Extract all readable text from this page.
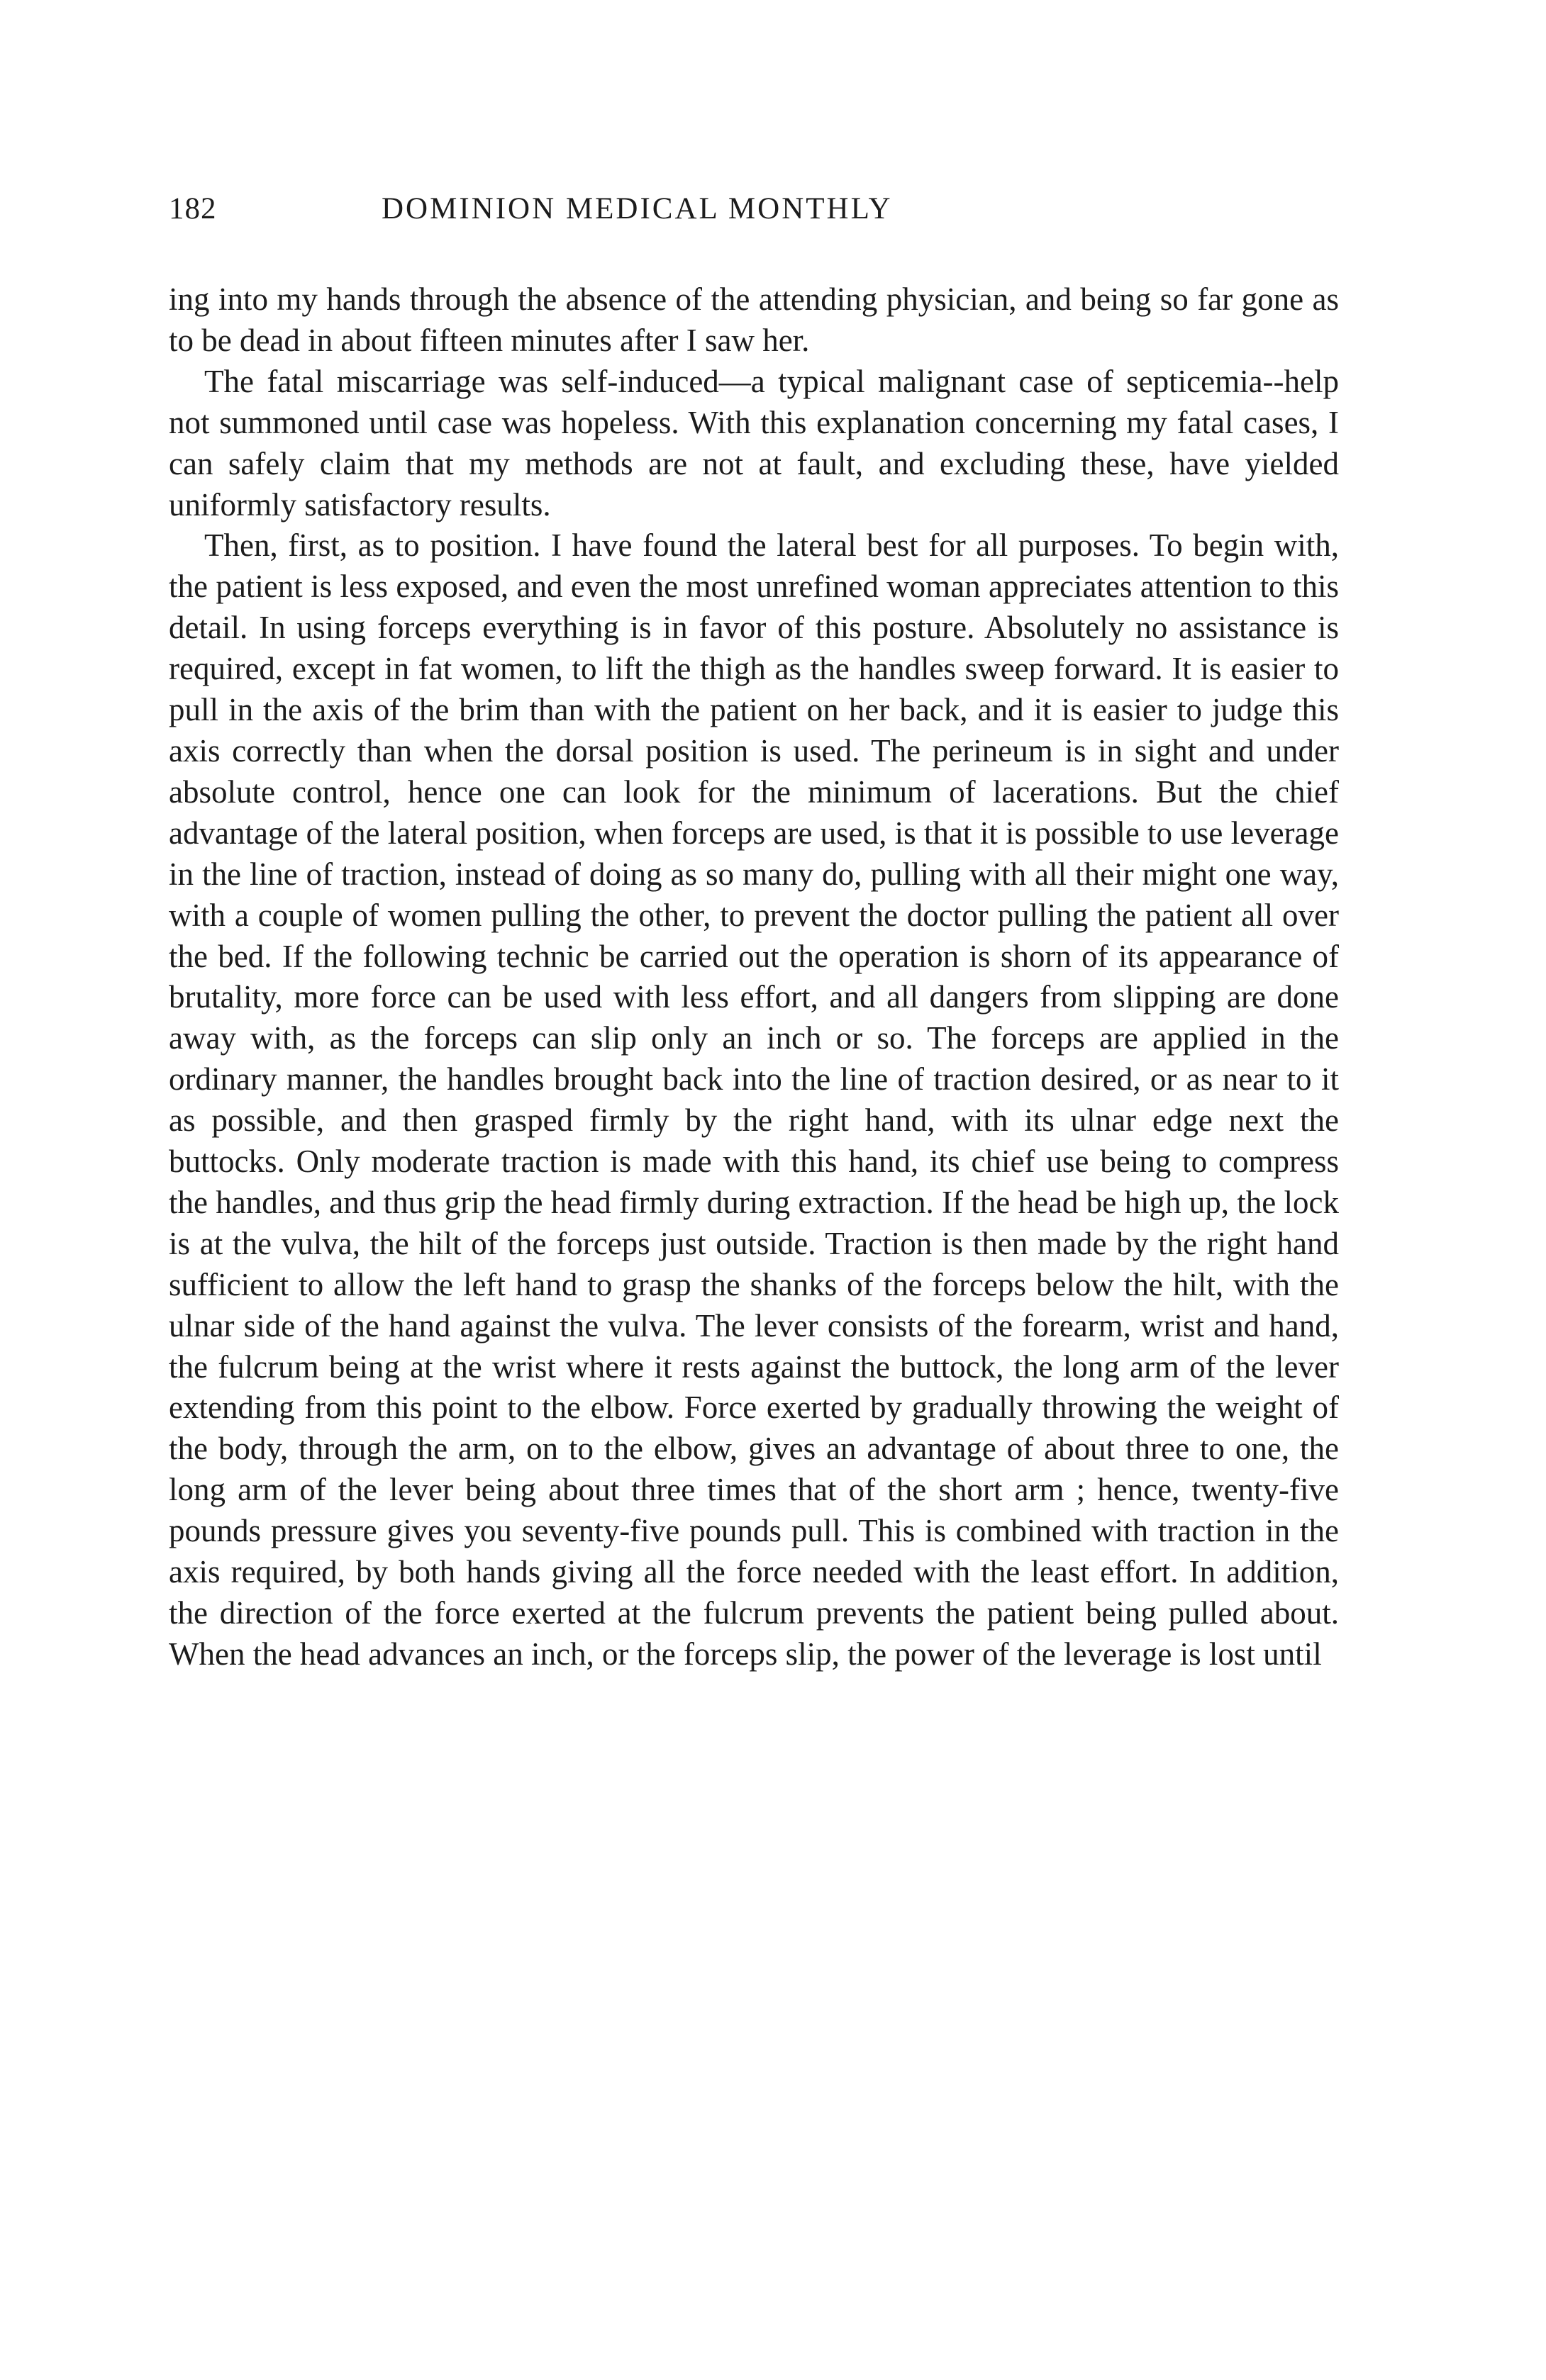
182	DOMINION MEDICAL MONTHLY

ing into my hands through the absence of the attending physician, and being so far gone as to be dead in about fifteen minutes after I saw her.

The fatal miscarriage was self-induced—a typical malignant case of septicemia--help not summoned until case was hopeless. With this explanation concerning my fatal cases, I can safely claim that my methods are not at fault, and excluding these, have yielded uniformly satisfactory results.

Then, first, as to position. I have found the lateral best for all purposes. To begin with, the patient is less exposed, and even the most unrefined woman appreciates attention to this detail. In using forceps everything is in favor of this posture. Absolutely no assistance is required, except in fat women, to lift the thigh as the handles sweep forward. It is easier to pull in the axis of the brim than with the patient on her back, and it is easier to judge this axis correctly than when the dorsal position is used. The perineum is in sight and under absolute control, hence one can look for the minimum of lacerations. But the chief advantage of the lateral position, when forceps are used, is that it is possible to use leverage in the line of traction, instead of doing as so many do, pulling with all their might one way, with a couple of women pulling the other, to prevent the doctor pulling the patient all over the bed. If the following technic be carried out the operation is shorn of its appearance of brutality, more force can be used with less effort, and all dangers from slipping are done away with, as the forceps can slip only an inch or so. The forceps are applied in the ordinary manner, the handles brought back into the line of traction desired, or as near to it as possible, and then grasped firmly by the right hand, with its ulnar edge next the buttocks. Only moderate traction is made with this hand, its chief use being to compress the handles, and thus grip the head firmly during extraction. If the head be high up, the lock is at the vulva, the hilt of the forceps just outside. Traction is then made by the right hand sufficient to allow the left hand to grasp the shanks of the forceps below the hilt, with the ulnar side of the hand against the vulva. The lever consists of the forearm, wrist and hand, the fulcrum being at the wrist where it rests against the buttock, the long arm of the lever extending from this point to the elbow. Force exerted by gradually throwing the weight of the body, through the arm, on to the elbow, gives an advantage of about three to one, the long arm of the lever being about three times that of the short arm ; hence, twenty-five pounds pressure gives you seventy-five pounds pull. This is combined with traction in the axis required, by both hands giving all the force needed with the least effort. In addition, the direction of the force exerted at the fulcrum prevents the patient being pulled about. When the head advances an inch, or the forceps slip, the power of the leverage is lost until
